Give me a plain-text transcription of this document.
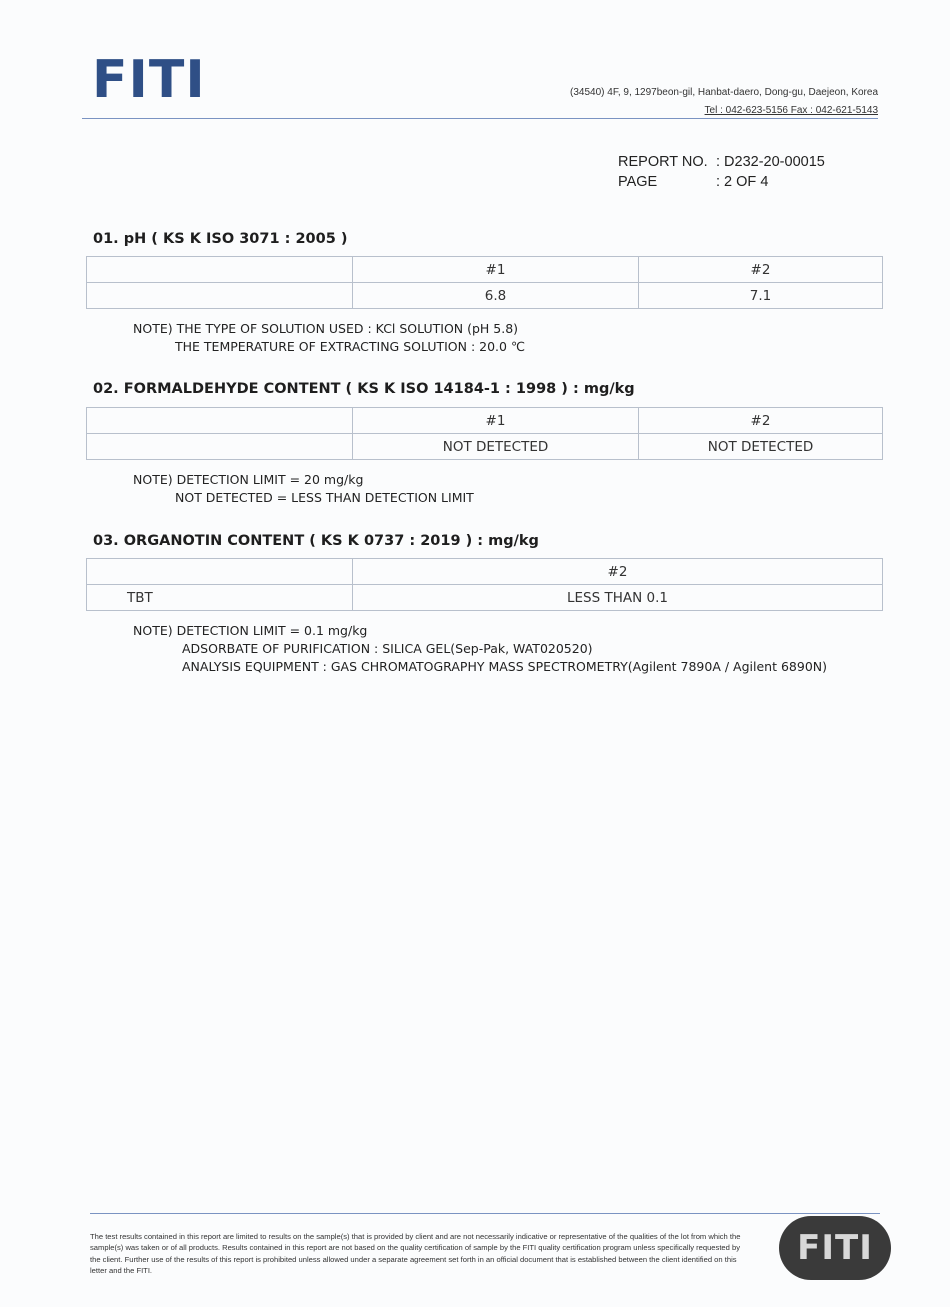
FITI	(34540) 4F, 9, 1297beon-gil, Hanbat-daero, Dong-gu, Daejeon, Korea
Tel : 042-623-5156 Fax : 042-621-5143
REPORT NO. : D232-20-00015
PAGE	: 2 OF 4
01. pH ( KS K ISO 3071 : 2005 )
	#1	#2
	6.8	7.1
NOTE) THE TYPE OF SOLUTION USED : KCl SOLUTION (pH 5.8)
THE TEMPERATURE OF EXTRACTING SOLUTION : 20.0 ℃
02. FORMALDEHYDE CONTENT ( KS K ISO 14184-1 : 1998 ) : mg/kg
	#1	#2
	NOT DETECTED	NOT DETECTED
NOTE) DETECTION LIMIT = 20 mg/kg
NOT DETECTED = LESS THAN DETECTION LIMIT
03. ORGANOTIN CONTENT ( KS K 0737 : 2019 ) : mg/kg
	#2
TBT	LESS THAN 0.1
NOTE) DETECTION LIMIT = 0.1 mg/kg
ADSORBATE OF PURIFICATION : SILICA GEL(Sep-Pak, WAT020520)
ANALYSIS EQUIPMENT : GAS CHROMATOGRAPHY MASS SPECTROMETRY(Agilent 7890A / Agilent 6890N)
The test results contained in this report are limited to results on the sample(s) that is provided by client and are not necessarily indicative or representative of the qualities of the lot from which the sample(s) was taken or of all products. Results contained in this report are not based on the quality certification of sample by the FITI quality certification program unless specifically requested by the client. Further use of the results of this report is prohibited unless allowed under a separate agreement set forth in an official document that is established between the client identified on this letter and the FITI.
FITI
